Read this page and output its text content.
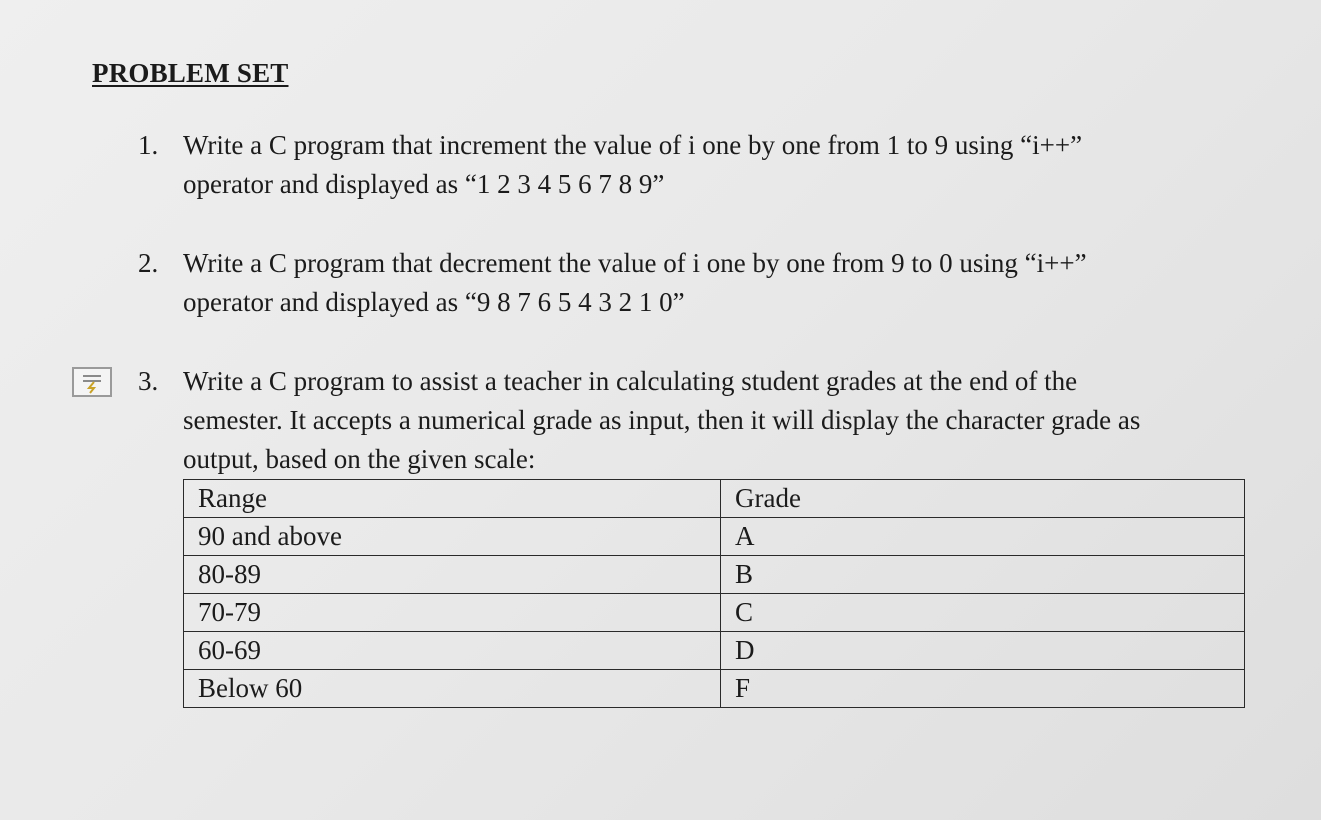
PROBLEM SET
1. Write a C program that increment the value of i one by one from 1 to 9 using “i++”
operator and displayed as “1 2 3 4 5 6 7 8 9”
2. Write a C program that decrement the value of i one by one from 9 to 0 using “i++”
operator and displayed as “9 8 7 6 5 4 3 2 1 0”
3. Write a C program to assist a teacher in calculating student grades at the end of the
semester. It accepts a numerical grade as input, then it will display the character grade as
output, based on the given scale:
Range	Grade
90 and above	A
80-89	B
70-79	C
60-69	D
Below 60	F
